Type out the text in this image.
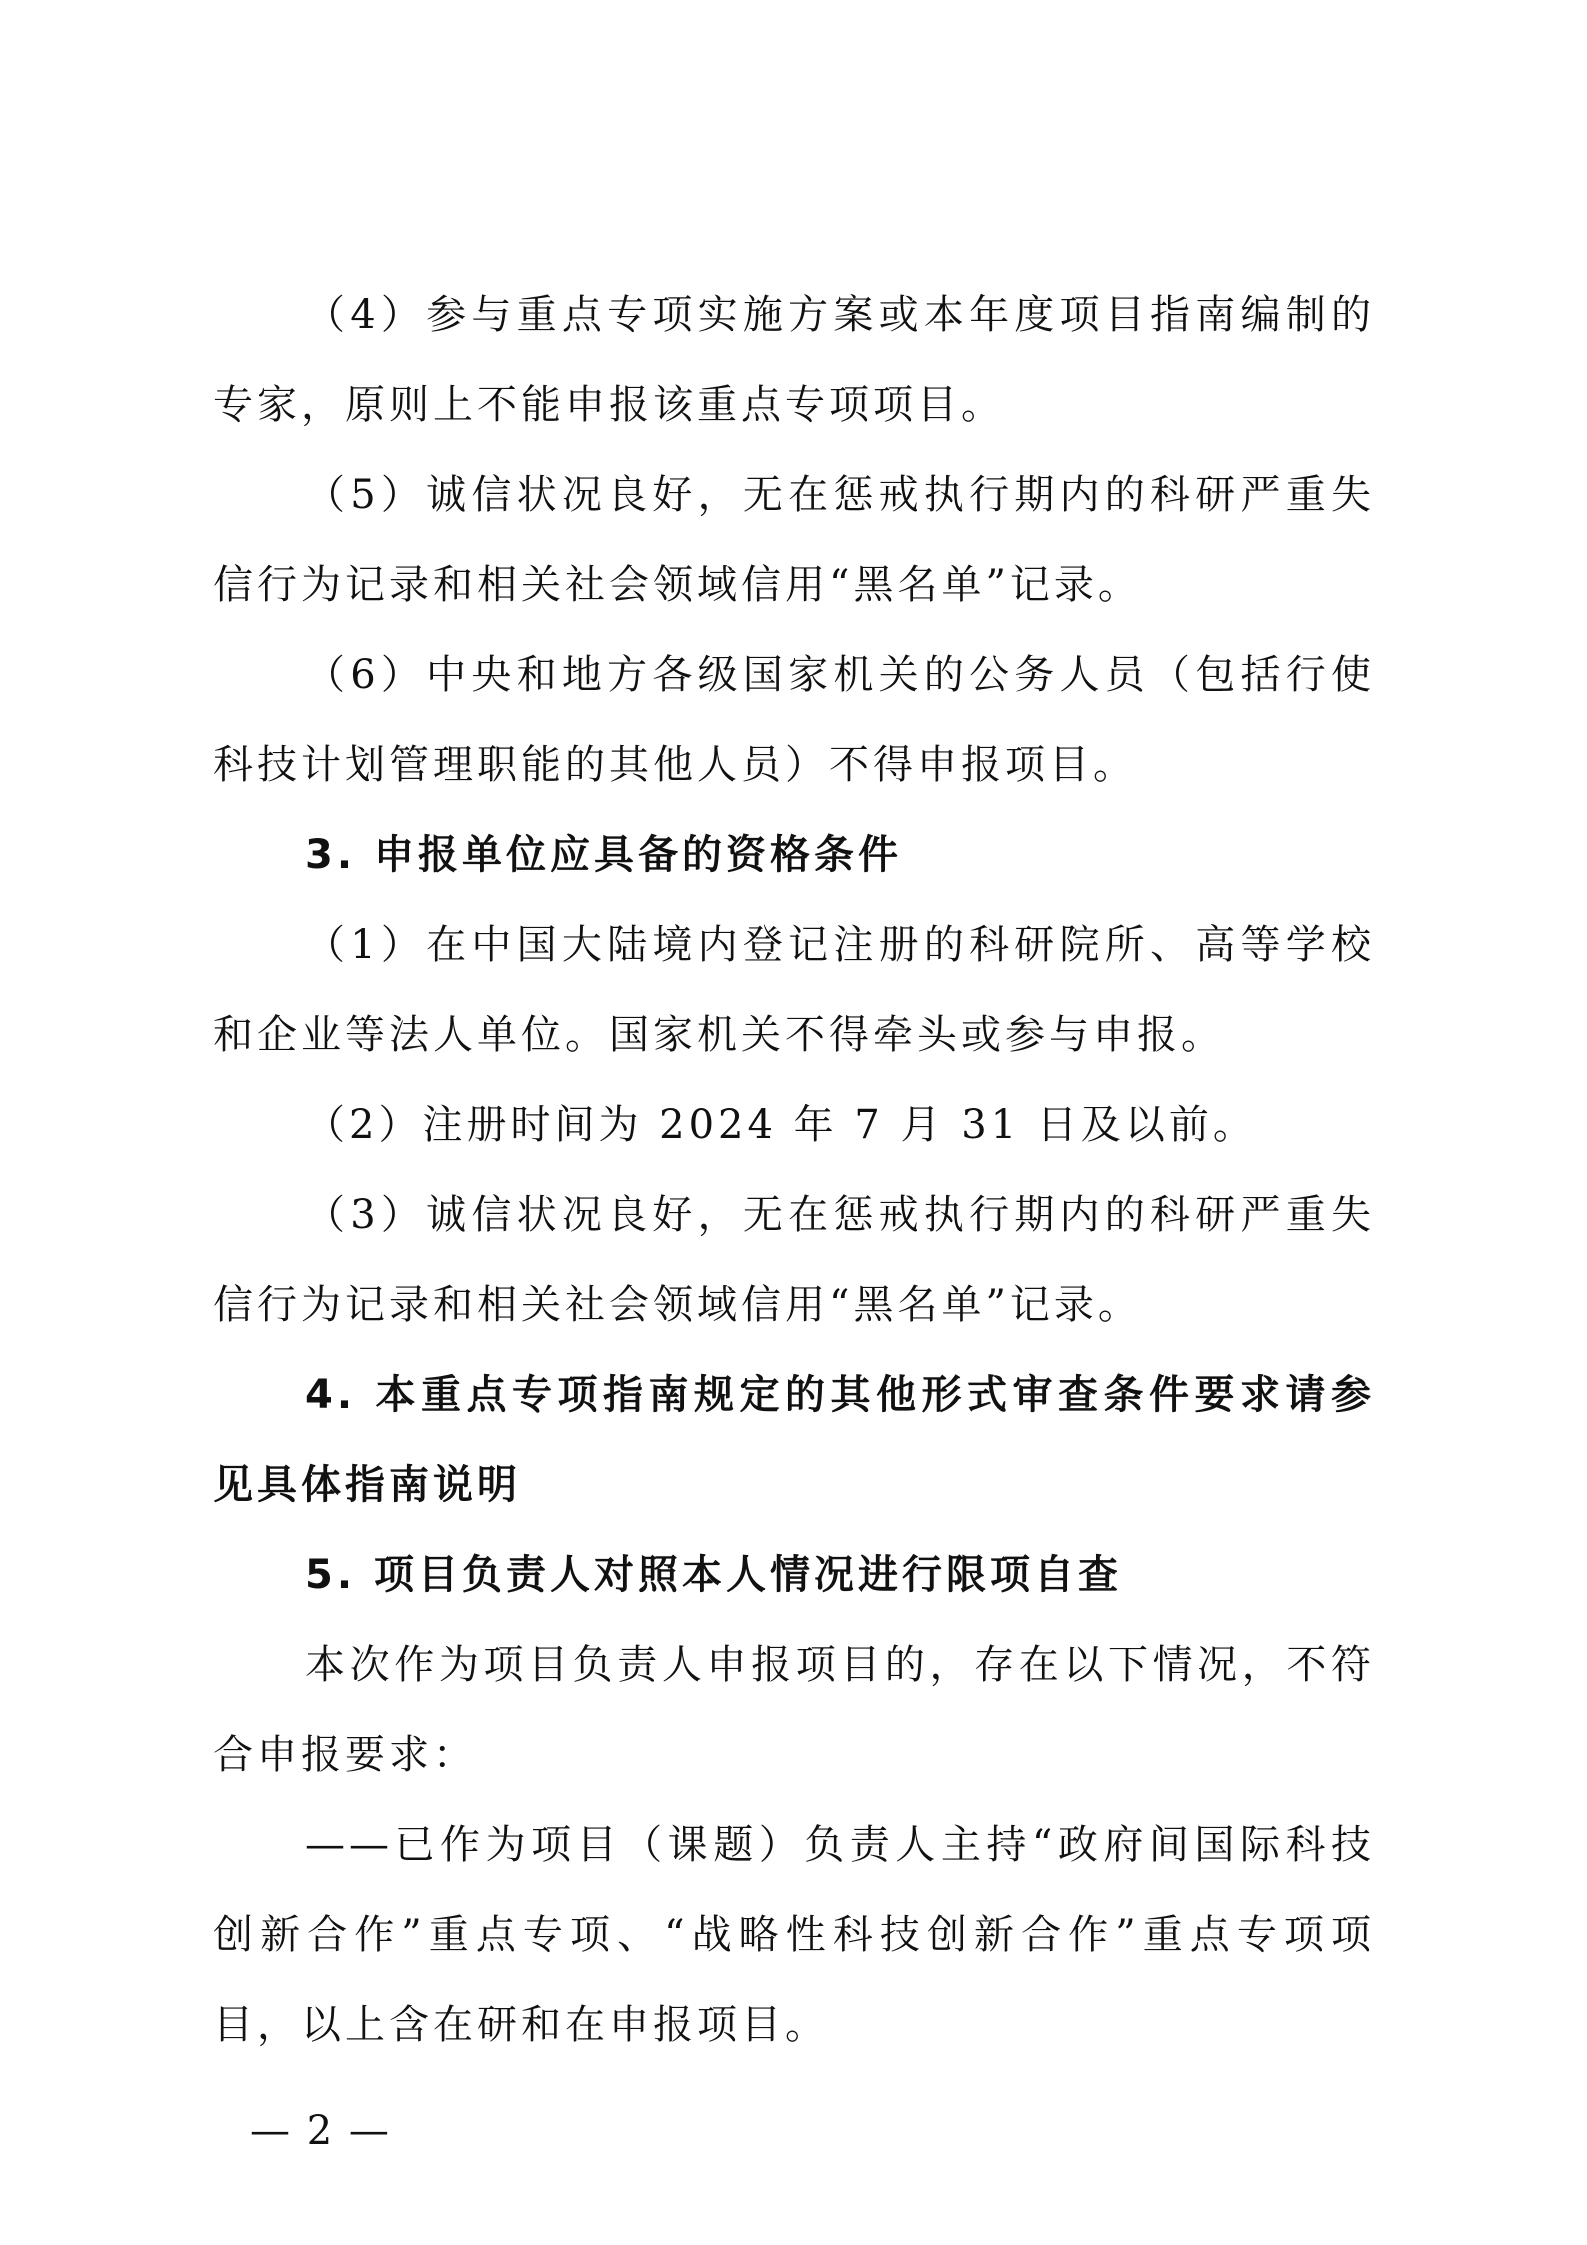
（4）参与重点专项实施方案或本年度项目指南编制的专家，原则上不能申报该重点专项项目。

（5）诚信状况良好，无在惩戒执行期内的科研严重失信行为记录和相关社会领域信用“黑名单”记录。

（6）中央和地方各级国家机关的公务人员（包括行使科技计划管理职能的其他人员）不得申报项目。

3. 申报单位应具备的资格条件

（1）在中国大陆境内登记注册的科研院所、高等学校和企业等法人单位。国家机关不得牵头或参与申报。

（2）注册时间为 2024 年 7 月 31 日及以前。

（3）诚信状况良好，无在惩戒执行期内的科研严重失信行为记录和相关社会领域信用“黑名单”记录。

4. 本重点专项指南规定的其他形式审查条件要求请参见具体指南说明

5. 项目负责人对照本人情况进行限项自查

本次作为项目负责人申报项目的，存在以下情况，不符合申报要求：

——已作为项目（课题）负责人主持“政府间国际科技创新合作”重点专项、“战略性科技创新合作”重点专项项目，以上含在研和在申报项目。

— 2 —
